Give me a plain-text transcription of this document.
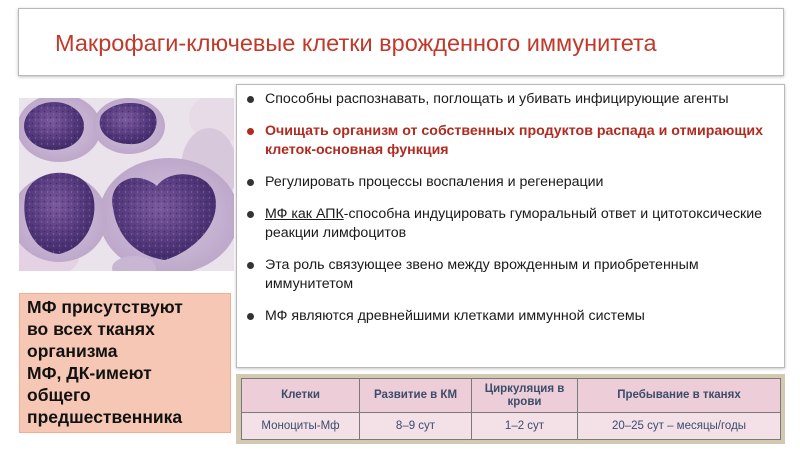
Макрофаги-ключевые клетки врожденного иммунитета
Способны распознавать, поглощать и убивать инфицирующие агенты
Очищать организм от собственных продуктов распада и отмирающих клеток-основная функция
Регулировать процессы воспаления и регенерации
МФ как АПК-способна индуцировать гуморальный ответ и цитотоксические реакции лимфоцитов
Эта роль связующее звено между врожденным и приобретенным иммунитетом
МФ являются древнейшими клетками иммунной системы

МФ присутствуют
во всех тканях
организма
МФ, ДК-имеют
общего
предшественника

Клетки	Развитие в КМ	Циркуляция в крови	Пребывание в тканях
Моноциты-Мф	8–9 сут	1–2 сут	20–25 сут – месяцы/годы
